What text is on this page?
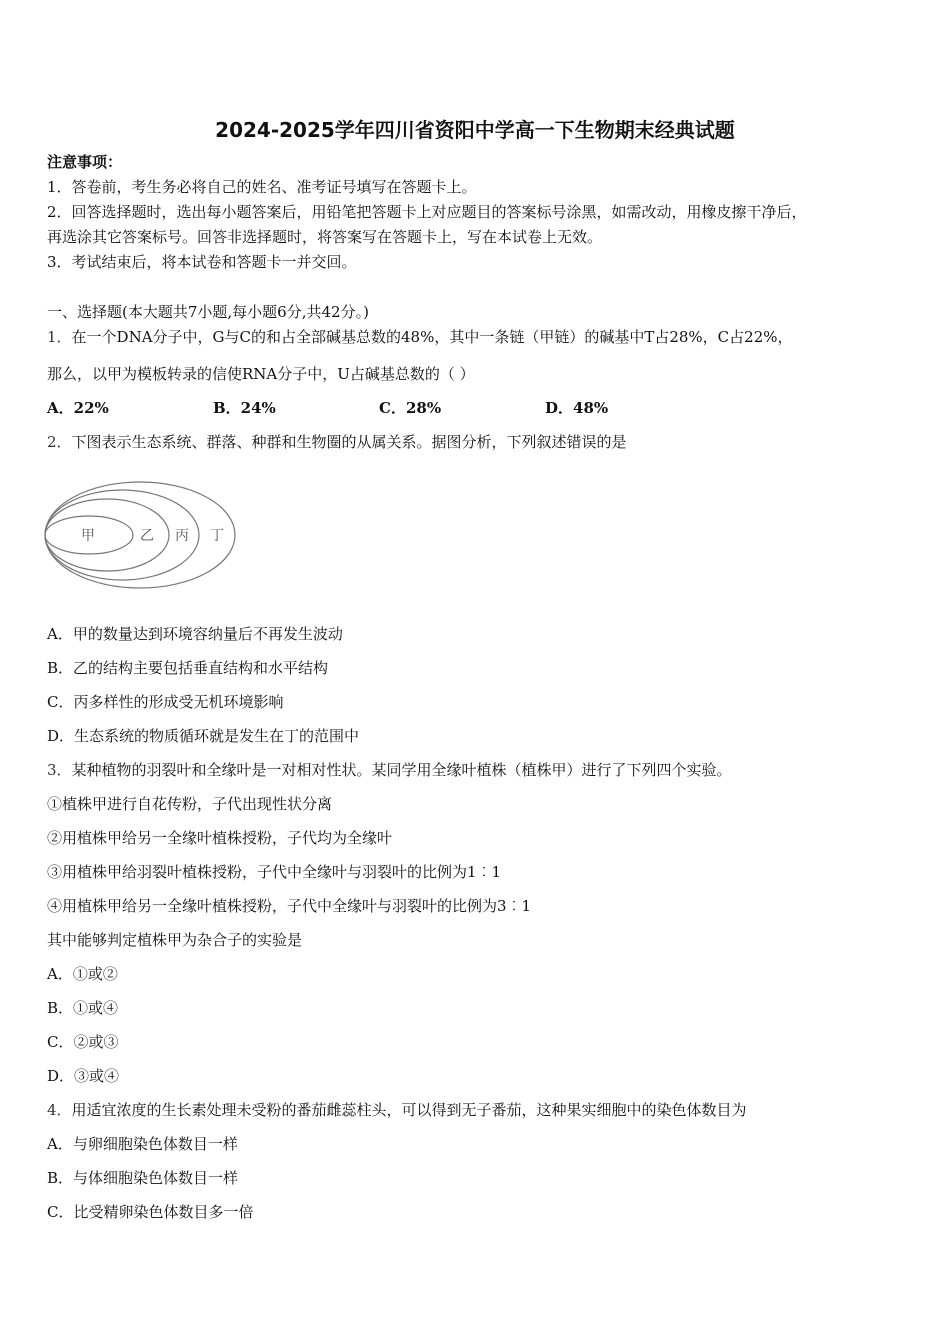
2024-2025学年四川省资阳中学高一下生物期末经典试题
注意事项：
1．答卷前，考生务必将自己的姓名、准考证号填写在答题卡上。
2．回答选择题时，选出每小题答案后，用铅笔把答题卡上对应题目的答案标号涂黑，如需改动，用橡皮擦干净后，
再选涂其它答案标号。回答非选择题时，将答案写在答题卡上，写在本试卷上无效。
3．考试结束后，将本试卷和答题卡一并交回。
一、选择题(本大题共7小题,每小题6分,共42分。)
1．在一个DNA分子中，G与C的和占全部碱基总数的48%，其中一条链（甲链）的碱基中T占28%，C占22%，
那么，以甲为模板转录的信使RNA分子中，U占碱基总数的（ ）
A．22%	B．24%	C．28%	D．48%
2．下图表示生态系统、群落、种群和生物圈的从属关系。据图分析，下列叙述错误的是
甲	乙 丙 丁
A．甲的数量达到环境容纳量后不再发生波动
B．乙的结构主要包括垂直结构和水平结构
C．丙多样性的形成受无机环境影响
D．生态系统的物质循环就是发生在丁的范围中
3．某种植物的羽裂叶和全缘叶是一对相对性状。某同学用全缘叶植株（植株甲）进行了下列四个实验。
①植株甲进行自花传粉，子代出现性状分离
②用植株甲给另一全缘叶植株授粉，子代均为全缘叶
③用植株甲给羽裂叶植株授粉，子代中全缘叶与羽裂叶的比例为1︰1
④用植株甲给另一全缘叶植株授粉，子代中全缘叶与羽裂叶的比例为3︰1
其中能够判定植株甲为杂合子的实验是
A．①或②
B．①或④
C．②或③
D．③或④
4．用适宜浓度的生长素处理未受粉的番茄雌蕊柱头，可以得到无子番茄，这种果实细胞中的染色体数目为
A．与卵细胞染色体数目一样
B．与体细胞染色体数目一样
C．比受精卵染色体数目多一倍
